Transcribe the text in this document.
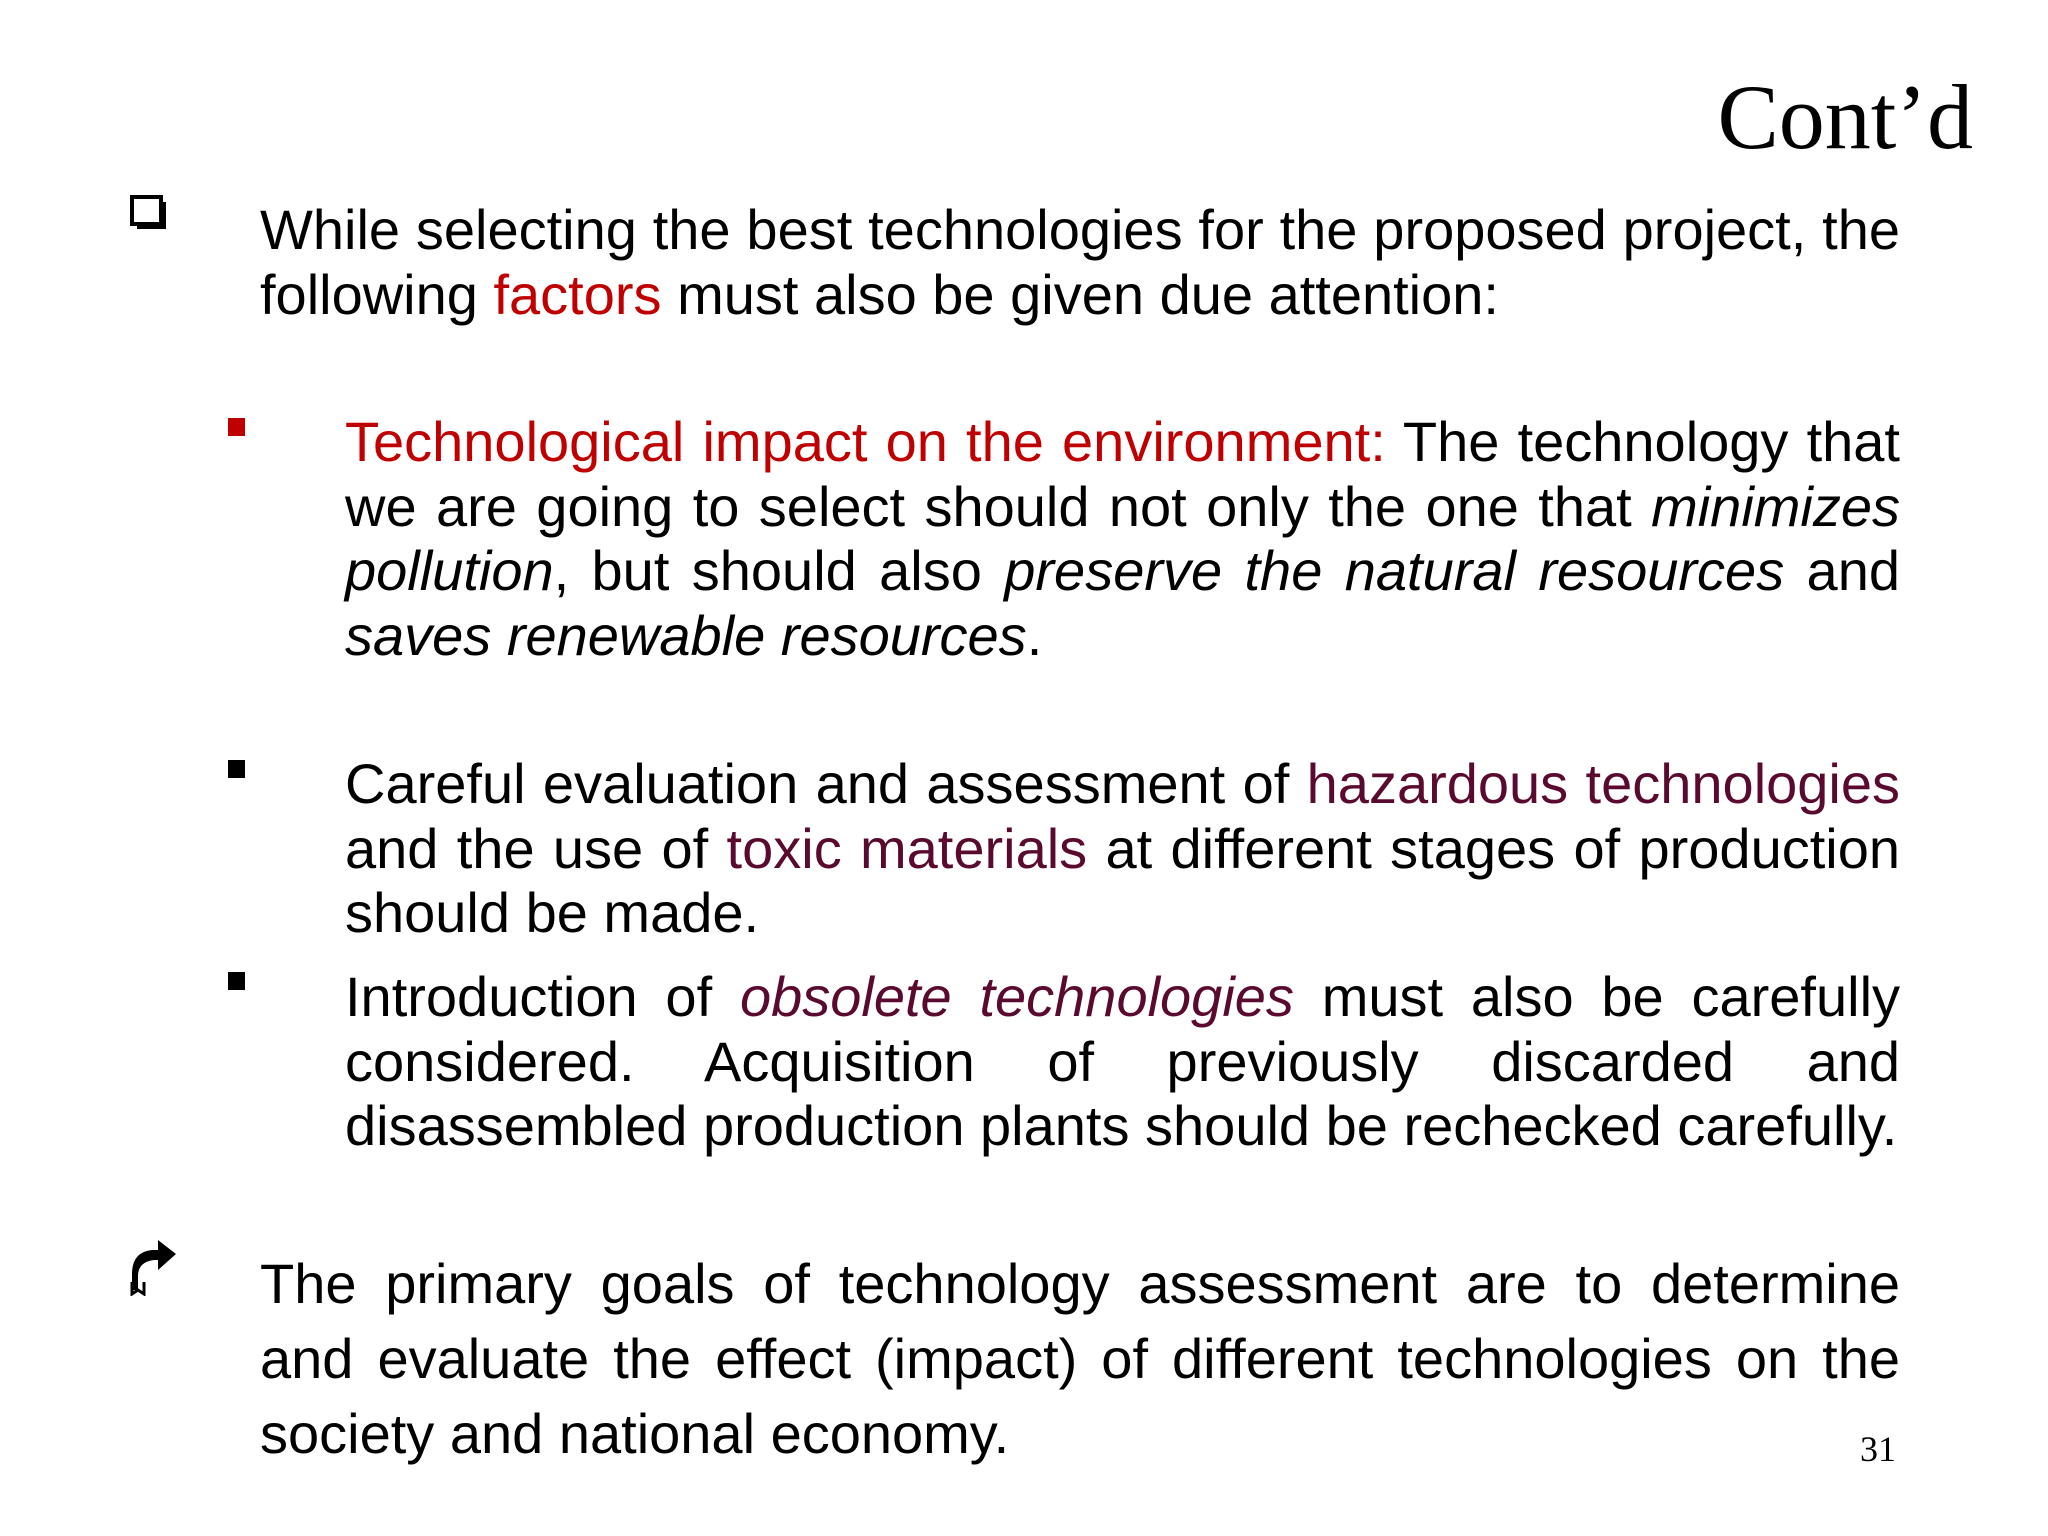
Cont’d
While selecting the best technologies for the proposed project, the following factors must also be given due attention:
Technological impact on the environment: The technology that we are going to select should not only the one that minimizes pollution, but should also preserve the natural resources and saves renewable resources.
Careful evaluation and assessment of hazardous technologies and the use of toxic materials at different stages of production should be made.
Introduction of obsolete technologies must also be carefully considered. Acquisition of previously discarded and disassembled production plants should be rechecked carefully.
The primary goals of technology assessment are to determine and evaluate the effect (impact) of different technologies on the society and national economy.	31
